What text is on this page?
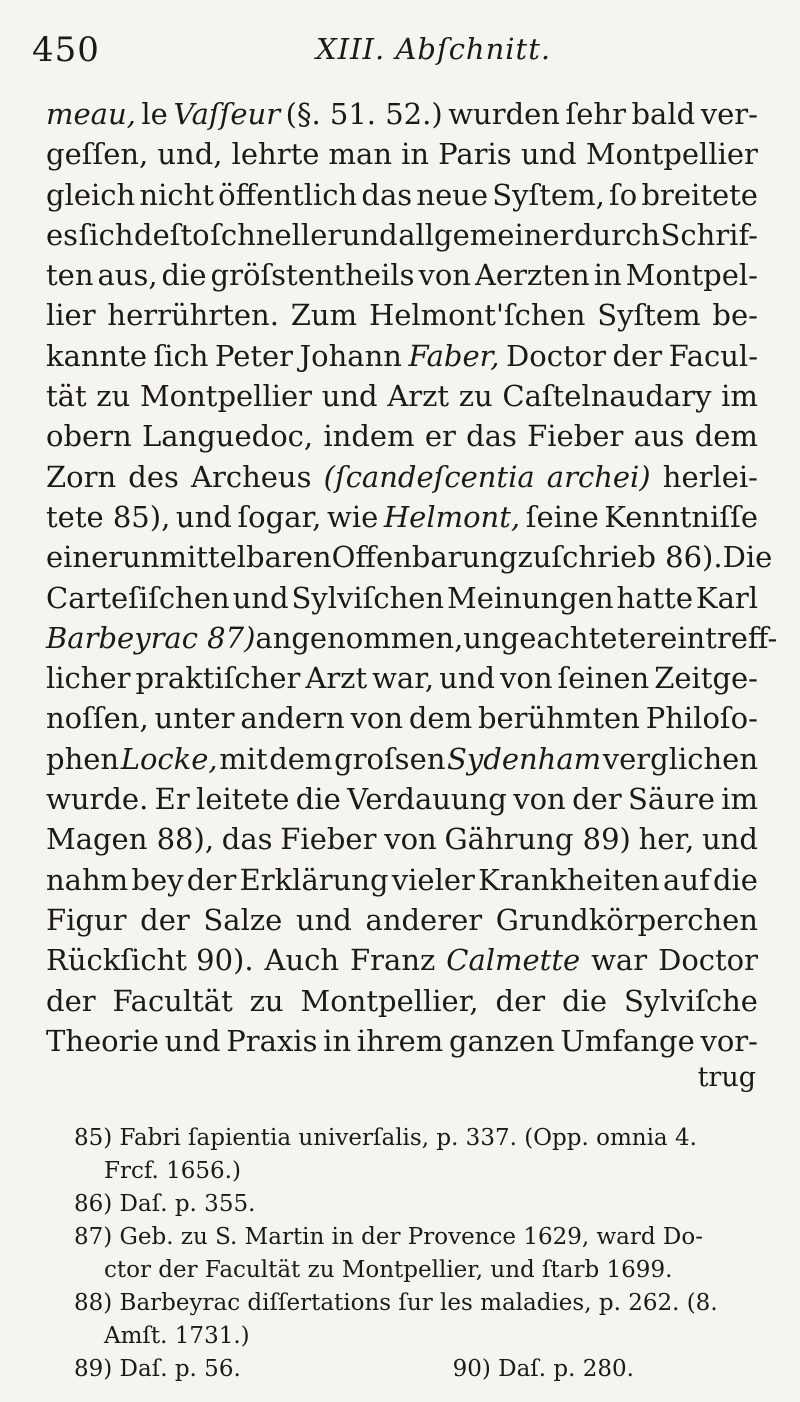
450	XIII. Abſchnitt.
meau, le Vaſſeur (§. 51. 52.) wurden ſehr bald ver-
geſſen, und, lehrte man in Paris und Montpellier
gleich nicht öffentlich das neue Syſtem, ſo breitete
es ſich deſto ſchneller und allgemeiner durch Schrif-
ten aus, die gröſstentheils von Aerzten in Montpel-
lier herrührten. Zum Helmont'ſchen Syſtem be-
kannte ſich Peter Johann Faber, Doctor der Facul-
tät zu Montpellier und Arzt zu Caſtelnaudary im
obern Languedoc, indem er das Fieber aus dem
Zorn des Archeus (ſcandeſcentia archei) herlei-
tete 85), und ſogar, wie Helmont, ſeine Kenntniſſe
einer unmittelbaren Offenbarung zuſchrieb 86). Die
Carteſiſchen und Sylviſchen Meinungen hatte Karl
Barbeyrac 87) angenommen, ungeachtet er ein treff-
licher praktiſcher Arzt war, und von ſeinen Zeitge-
noſſen, unter andern von dem berühmten Philoſo-
phen Locke, mit dem groſsen Sydenham verglichen
wurde. Er leitete die Verdauung von der Säure im
Magen 88), das Fieber von Gährung 89) her, und
nahm bey der Erklärung vieler Krankheiten auf die
Figur der Salze und anderer Grundkörperchen
Rückſicht 90). Auch Franz Calmette war Doctor
der Facultät zu Montpellier, der die Sylviſche
Theorie und Praxis in ihrem ganzen Umfange vor-
trug
85) Fabri ſapientia univerſalis, p. 337. (Opp. omnia 4.
Frcf. 1656.)
86) Daſ. p. 355.
87) Geb. zu S. Martin in der Provence 1629, ward Do-
ctor der Facultät zu Montpellier, und ſtarb 1699.
88) Barbeyrac diſſertations ſur les maladies, p. 262. (8.
Amſt. 1731.)
89) Daſ. p. 56.	90) Daſ. p. 280.
